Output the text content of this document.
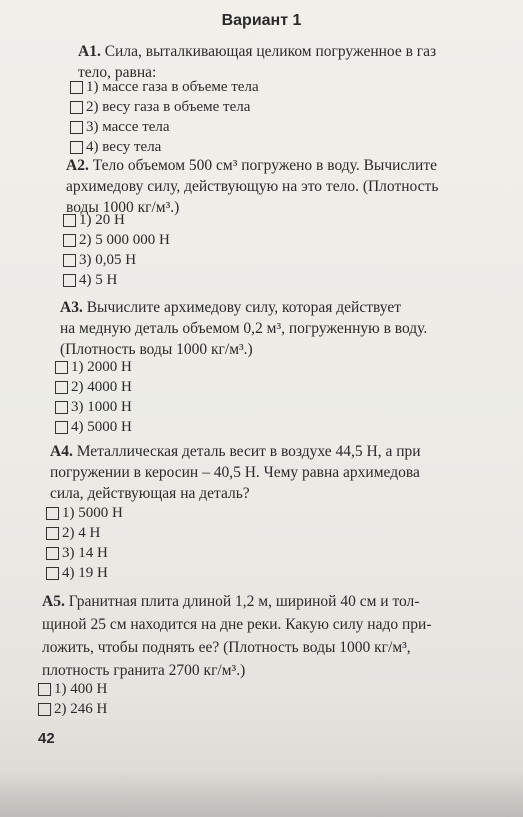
Вариант 1
А1. Сила, выталкивающая целиком погруженное в газ
тело, равна:
1) массе газа в объеме тела
2) весу газа в объеме тела
3) массе тела
4) весу тела
А2. Тело объемом 500 см³ погружено в воду. Вычислите
архимедову силу, действующую на это тело. (Плотность
воды 1000 кг/м³.)
1) 20 Н
2) 5 000 000 Н
3) 0,05 Н
4) 5 Н
А3. Вычислите архимедову силу, которая действует
на медную деталь объемом 0,2 м³, погруженную в воду.
(Плотность воды 1000 кг/м³.)
1) 2000 Н
2) 4000 Н
3) 1000 Н
4) 5000 Н
А4. Металлическая деталь весит в воздухе 44,5 Н, а при
погружении в керосин – 40,5 Н. Чему равна архимедова
сила, действующая на деталь?
1) 5000 Н
2) 4 Н
3) 14 Н
4) 19 Н
А5. Гранитная плита длиной 1,2 м, шириной 40 см и тол-
щиной 25 см находится на дне реки. Какую силу надо при-
ложить, чтобы поднять ее? (Плотность воды 1000 кг/м³,
плотность гранита 2700 кг/м³.)
1) 400 Н
2) 246 Н
42
